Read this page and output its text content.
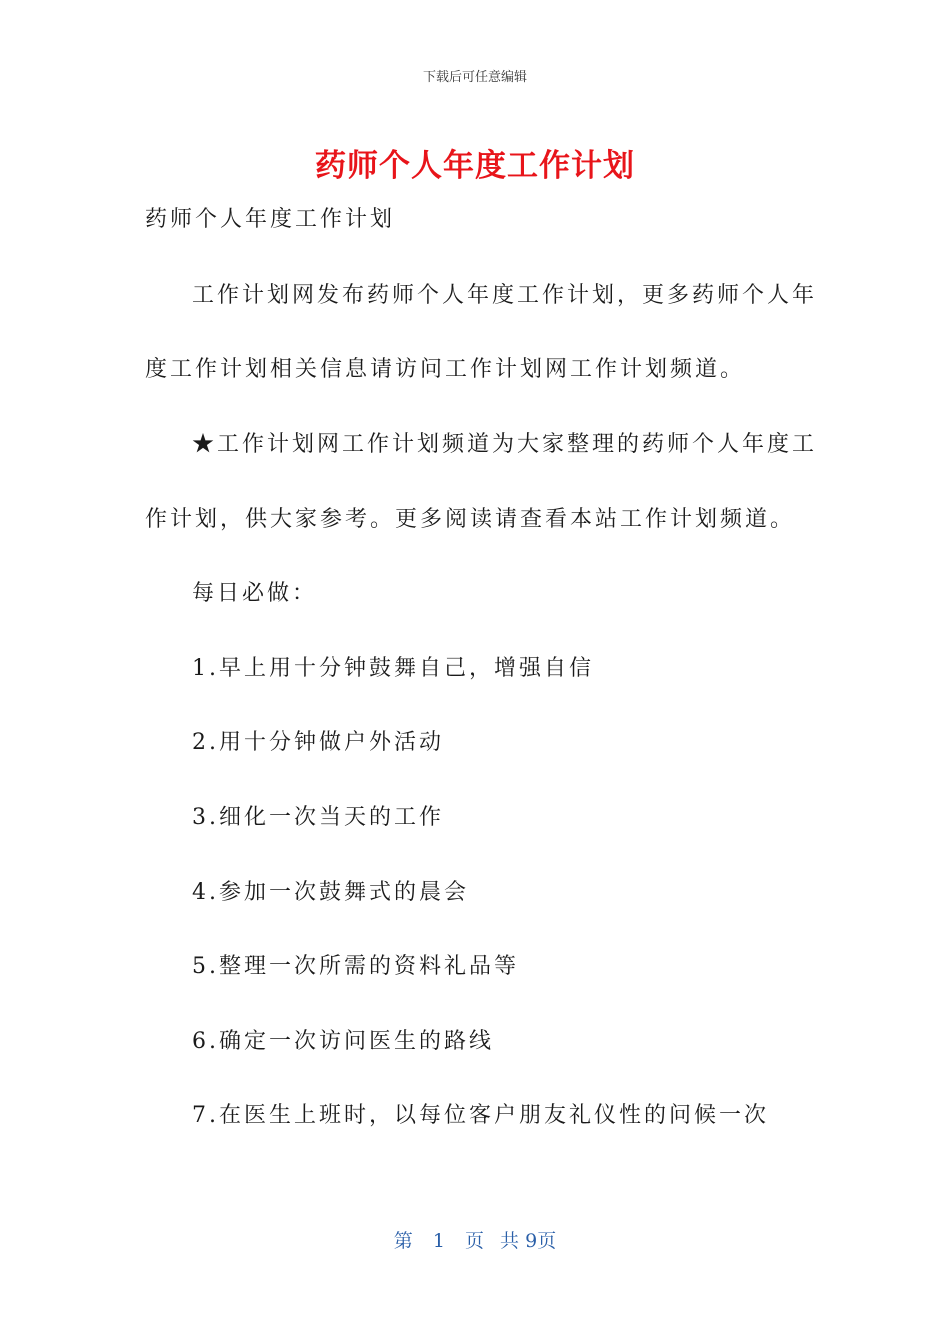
下载后可任意编辑
药师个人年度工作计划
药师个人年度工作计划
工作计划网发布药师个人年度工作计划，更多药师个人年
度工作计划相关信息请访问工作计划网工作计划频道。
★工作计划网工作计划频道为大家整理的药师个人年度工
作计划，供大家参考。更多阅读请查看本站工作计划频道。
每日必做：
1.早上用十分钟鼓舞自己，增强自信
2.用十分钟做户外活动
3.细化一次当天的工作
4.参加一次鼓舞式的晨会
5.整理一次所需的资料礼品等
6.确定一次访问医生的路线
7.在医生上班时，以每位客户朋友礼仪性的问候一次
第 1 页 共 9页
